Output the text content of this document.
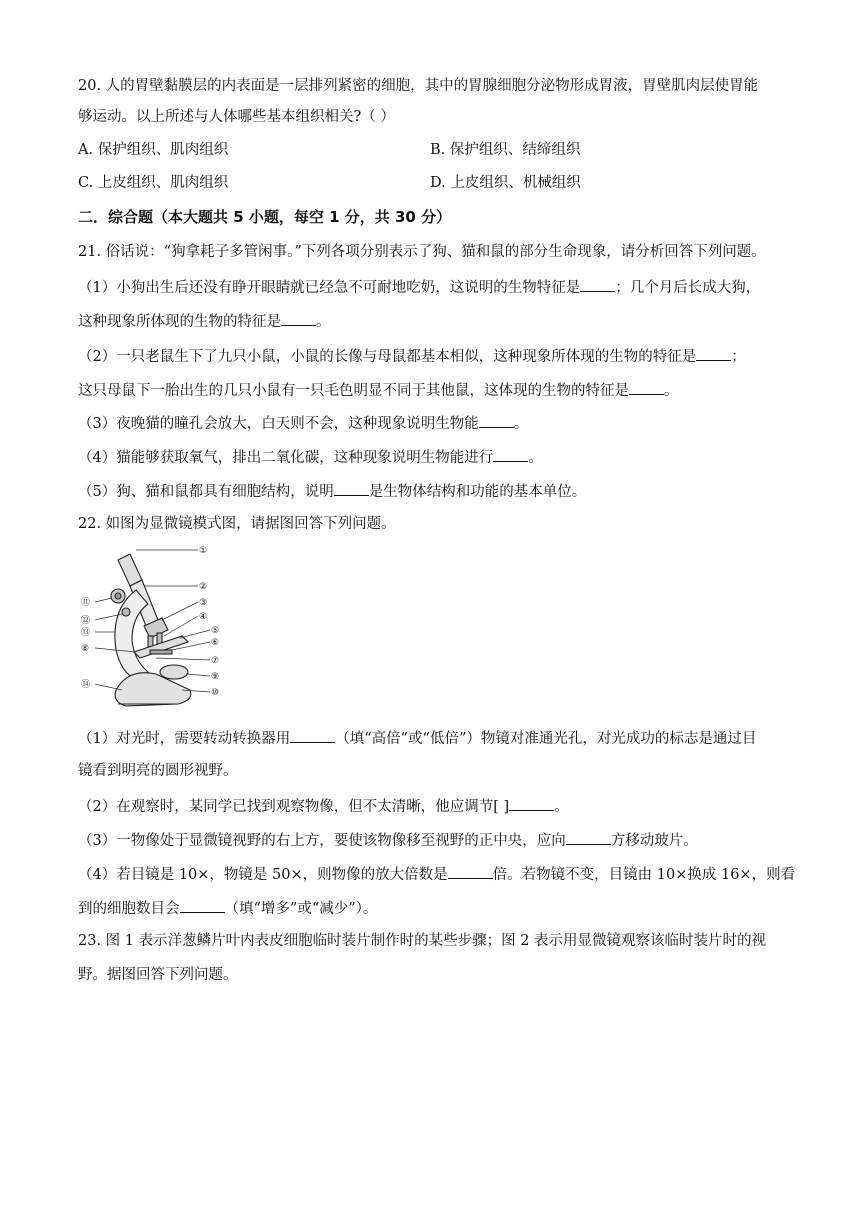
20. 人的胃壁黏膜层的内表面是一层排列紧密的细胞，其中的胃腺细胞分泌物形成胃液，胃壁肌肉层使胃能
够运动。以上所述与人体哪些基本组织相关?（ ）
A. 保护组织、肌肉组织	B. 保护组织、结缔组织
C. 上皮组织、肌肉组织	D. 上皮组织、机械组织
二．综合题（本大题共 5 小题，每空 1 分，共 30 分）
21. 俗话说：“狗拿耗子多管闲事。”下列各项分别表示了狗、猫和鼠的部分生命现象，请分析回答下列问题。
（1）小狗出生后还没有睁开眼睛就已经急不可耐地吃奶，这说明的生物特征是 ；几个月后长成大狗，
这种现象所体现的生物的特征是 。
（2）一只老鼠生下了九只小鼠，小鼠的长像与母鼠都基本相似，这种现象所体现的生物的特征是 ；
这只母鼠下一胎出生的几只小鼠有一只毛色明显不同于其他鼠，这体现的生物的特征是 。
（3）夜晚猫的瞳孔会放大，白天则不会，这种现象说明生物能 。
（4）猫能够获取氧气，排出二氧化碳，这种现象说明生物能进行 。
（5）狗、猫和鼠都具有细胞结构，说明 是生物体结构和功能的基本单位。
22. 如图为显微镜模式图，请据图回答下列问题。
①
②
③
④
⑤
⑥
⑦
⑨
⑩
⑪
⑫
⑬
⑧
⑭
（1）对光时，需要转动转换器用	（填“高倍”或“低倍”）物镜对准通光孔，对光成功的标志是通过目
镜看到明亮的圆形视野。
（2）在观察时，某同学已找到观察物像，但不太清晰，他应调节[ ]	。
（3）一物像处于显微镜视野的右上方，要使该物像移至视野的正中央，应向	方移动玻片。
（4）若目镜是 10×，物镜是 50×，则物像的放大倍数是	倍。若物镜不变，目镜由 10×换成 16×，则看
到的细胞数目会	（填“增多”或“减少”）。
23. 图 1 表示洋葱鳞片叶内表皮细胞临时装片制作时的某些步骤；图 2 表示用显微镜观察该临时装片时的视
野。据图回答下列问题。
